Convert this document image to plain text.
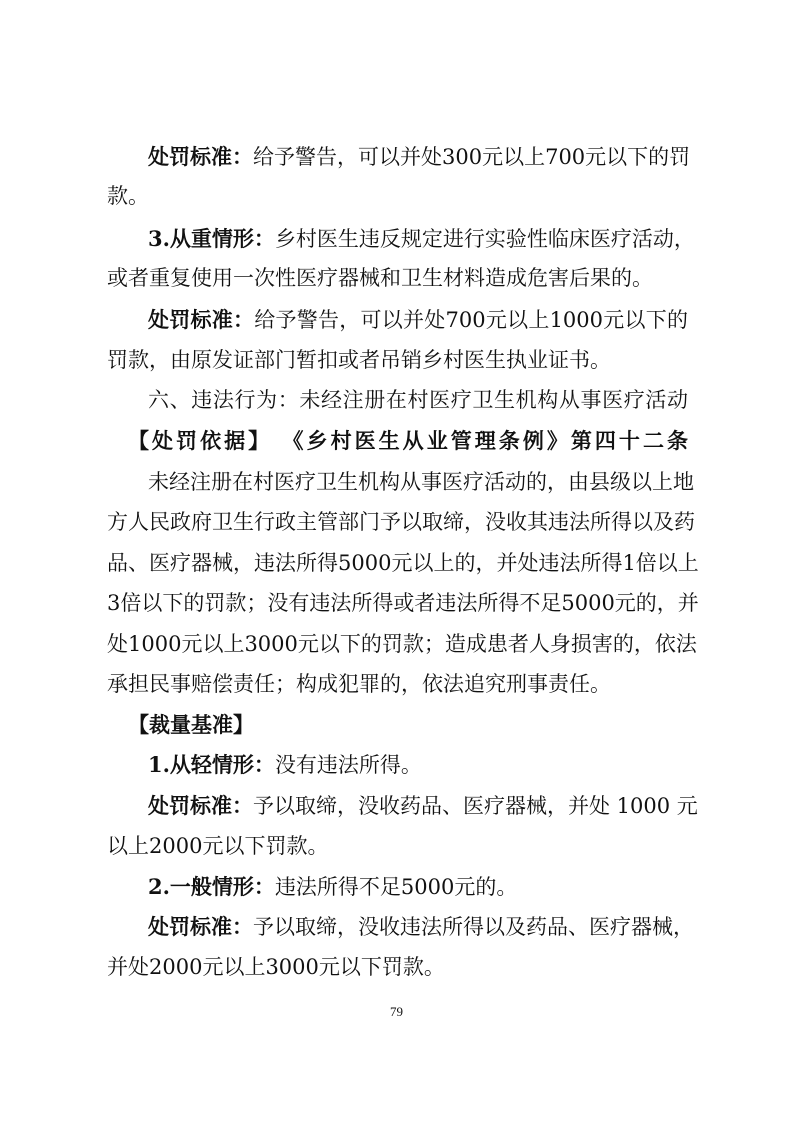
处罚标准：给予警告，可以并处300元以上700元以下的罚
款。
3.从重情形：乡村医生违反规定进行实验性临床医疗活动，
或者重复使用一次性医疗器械和卫生材料造成危害后果的。
处罚标准：给予警告，可以并处700元以上1000元以下的
罚款，由原发证部门暂扣或者吊销乡村医生执业证书。
六、违法行为：未经注册在村医疗卫生机构从事医疗活动
【处罚依据】 《乡村医生从业管理条例》第四十二条
未经注册在村医疗卫生机构从事医疗活动的，由县级以上地
方人民政府卫生行政主管部门予以取缔，没收其违法所得以及药
品、医疗器械，违法所得5000元以上的，并处违法所得1倍以上
3倍以下的罚款；没有违法所得或者违法所得不足5000元的，并
处1000元以上3000元以下的罚款；造成患者人身损害的，依法
承担民事赔偿责任；构成犯罪的，依法追究刑事责任。
【裁量基准】
1.从轻情形：没有违法所得。
处罚标准：予以取缔，没收药品、医疗器械，并处 1000 元
以上2000元以下罚款。
2.一般情形：违法所得不足5000元的。
处罚标准：予以取缔，没收违法所得以及药品、医疗器械，
并处2000元以上3000元以下罚款。
79
